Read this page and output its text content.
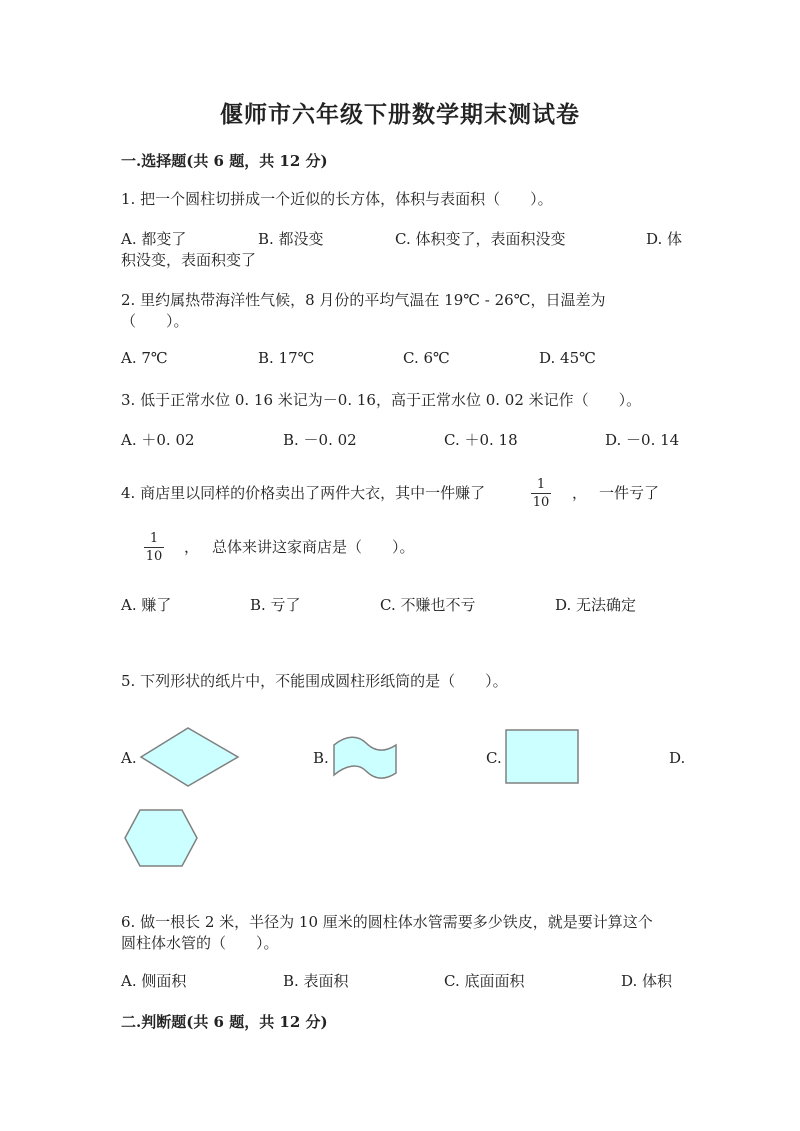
偃师市六年级下册数学期末测试卷
一.选择题(共 6 题，共 12 分)
1. 把一个圆柱切拼成一个近似的长方体，体积与表面积（　　）。
A. 都变了	B. 都没变	C. 体积变了，表面积没变	D. 体
积没变，表面积变了
2. 里约属热带海洋性气候，8 月份的平均气温在 19℃ - 26℃，日温差为
（　　）。
A. 7℃	B. 17℃	C. 6℃	D. 45℃
3. 低于正常水位 0. 16 米记为－0. 16，高于正常水位 0. 02 米记作（　　）。
A. ＋0. 02	B. －0. 02	C. ＋0. 18	D. －0. 14
4. 商店里以同样的价格卖出了两件大衣，其中一件赚了	1
10
， 一件亏了
1
10
， 总体来讲这家商店是（　　）。
A. 赚了	B. 亏了	C. 不赚也不亏	D. 无法确定
5. 下列形状的纸片中，不能围成圆柱形纸筒的是（　　）。
A.	B.	C.	D.
6. 做一根长 2 米，半径为 10 厘米的圆柱体水管需要多少铁皮，就是要计算这个
圆柱体水管的（　　）。
A. 侧面积	B. 表面积	C. 底面面积	D. 体积
二.判断题(共 6 题，共 12 分)
